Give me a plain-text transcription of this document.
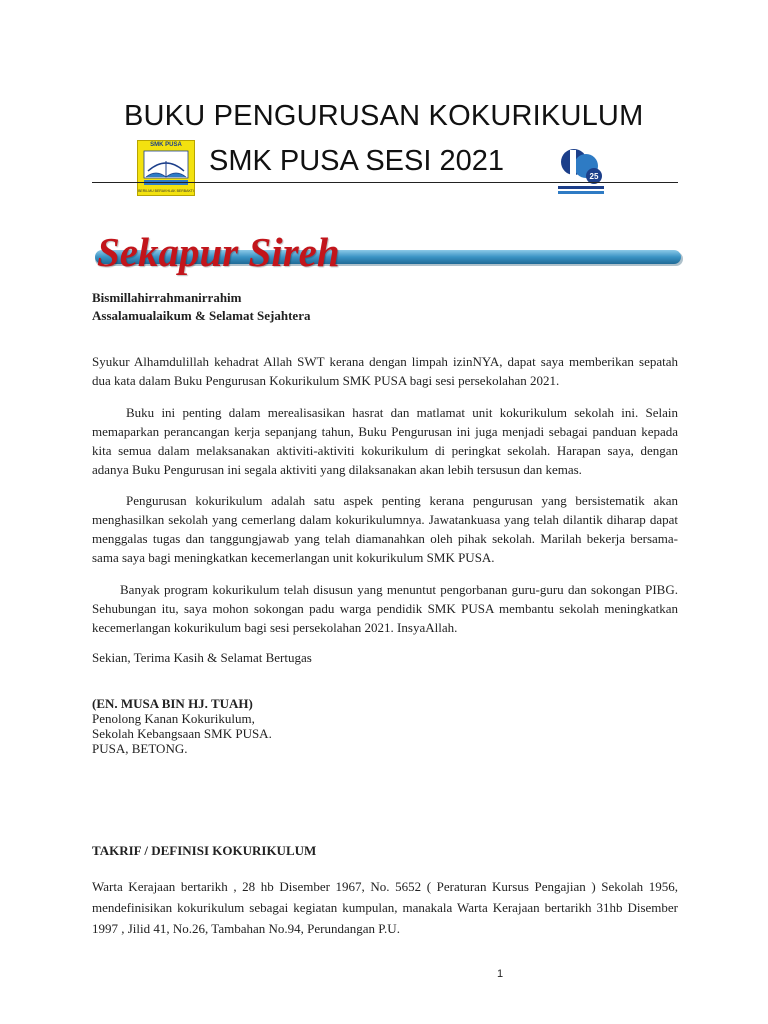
SMK PUSA
BERILMU BERAKHLAK BERBAKTI
BUKU PENGURUSAN KOKURIKULUM
SMK PUSA SESI 2021	25
Sekapur Sireh
Bismillahirrahmanirrahim
Assalamualaikum & Selamat Sejahtera

Syukur Alhamdulillah kehadrat Allah SWT kerana dengan limpah izinNYA, dapat saya memberikan sepatah dua kata dalam Buku Pengurusan Kokurikulum SMK PUSA bagi sesi persekolahan 2021.

Buku ini penting dalam merealisasikan hasrat dan matlamat unit kokurikulum sekolah ini. Selain memaparkan perancangan kerja sepanjang tahun, Buku Pengurusan ini juga menjadi sebagai panduan kepada kita semua dalam melaksanakan aktiviti-aktiviti kokurikulum di peringkat sekolah. Harapan saya, dengan adanya Buku Pengurusan ini segala aktiviti yang dilaksanakan akan lebih tersusun dan kemas.

Pengurusan kokurikulum adalah satu aspek penting kerana pengurusan yang bersistematik akan menghasilkan sekolah yang cemerlang dalam kokurikulumnya. Jawatankuasa yang telah dilantik diharap dapat menggalas tugas dan tanggungjawab yang telah diamanahkan oleh pihak sekolah. Marilah bekerja bersama-sama saya bagi meningkatkan kecemerlangan unit kokurikulum SMK PUSA.

Banyak program kokurikulum telah disusun yang menuntut pengorbanan guru-guru dan sokongan PIBG. Sehubungan itu, saya mohon sokongan padu warga pendidik SMK PUSA membantu sekolah meningkatkan kecemerlangan kokurikulum bagi sesi persekolahan 2021. InsyaAllah.

Sekian, Terima Kasih & Selamat Bertugas
(EN. MUSA BIN HJ. TUAH)
Penolong Kanan Kokurikulum,
Sekolah Kebangsaan SMK PUSA.
PUSA, BETONG.
TAKRIF / DEFINISI KOKURIKULUM

Warta Kerajaan bertarikh , 28 hb Disember 1967, No. 5652 ( Peraturan Kursus Pengajian ) Sekolah 1956, mendefinisikan kokurikulum sebagai kegiatan kumpulan, manakala Warta Kerajaan bertarikh 31hb Disember 1997 , Jilid 41, No.26, Tambahan No.94, Perundangan P.U.

1
